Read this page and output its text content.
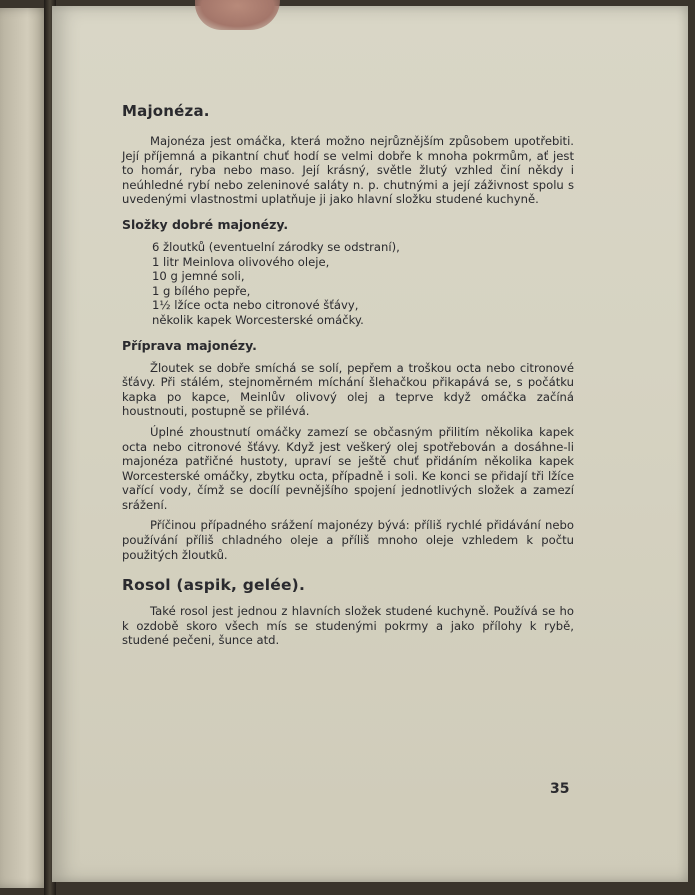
Majonéza.

Majonéza jest omáčka, která možno nejrůznějším způsobem upotřebiti. Její příjemná a pikantní chuť hodí se velmi dobře k mnoha pokrmům, ať jest to homár, ryba nebo maso. Její krásný, světle žlutý vzhled činí někdy i neúhledné rybí nebo zeleninové saláty n. p. chutnými a její záživnost spolu s uvedenými vlastnostmi uplatňuje ji jako hlavní složku studené kuchyně.

Složky dobré majonézy.
6 žloutků (eventuelní zárodky se odstraní),
1 litr Meinlova olivového oleje,
10 g jemné soli,
1 g bílého pepře,
1½ lžíce octa nebo citronové šťávy,
několik kapek Worcesterské omáčky.
Příprava majonézy.

Žloutek se dobře smíchá se solí, pepřem a troškou octa nebo citronové šťávy. Při stálém, stejnoměrném míchání šlehačkou přikapává se, s počátku kapka po kapce, Meinlův olivový olej a teprve když omáčka začíná houstnouti, postupně se přilévá.

Úplné zhoustnutí omáčky zamezí se občasným přilitím několika kapek octa nebo citronové šťávy. Když jest veškerý olej spotřebován a dosáhne-li majonéza patřičné hustoty, upraví se ještě chuť přidáním několika kapek Worcesterské omáčky, zbytku octa, případně i soli. Ke konci se přidají tři lžíce vařící vody, čímž se docílí pevnějšího spojení jednotlivých složek a zamezí srážení.

Příčinou případného srážení majonézy bývá: příliš rychlé přidávání nebo používání příliš chladného oleje a příliš mnoho oleje vzhledem k počtu použitých žloutků.

Rosol (aspik, gelée).

Také rosol jest jednou z hlavních složek studené kuchyně. Používá se ho k ozdobě skoro všech mís se studenými pokrmy a jako přílohy k rybě, studené pečeni, šunce atd.

35
